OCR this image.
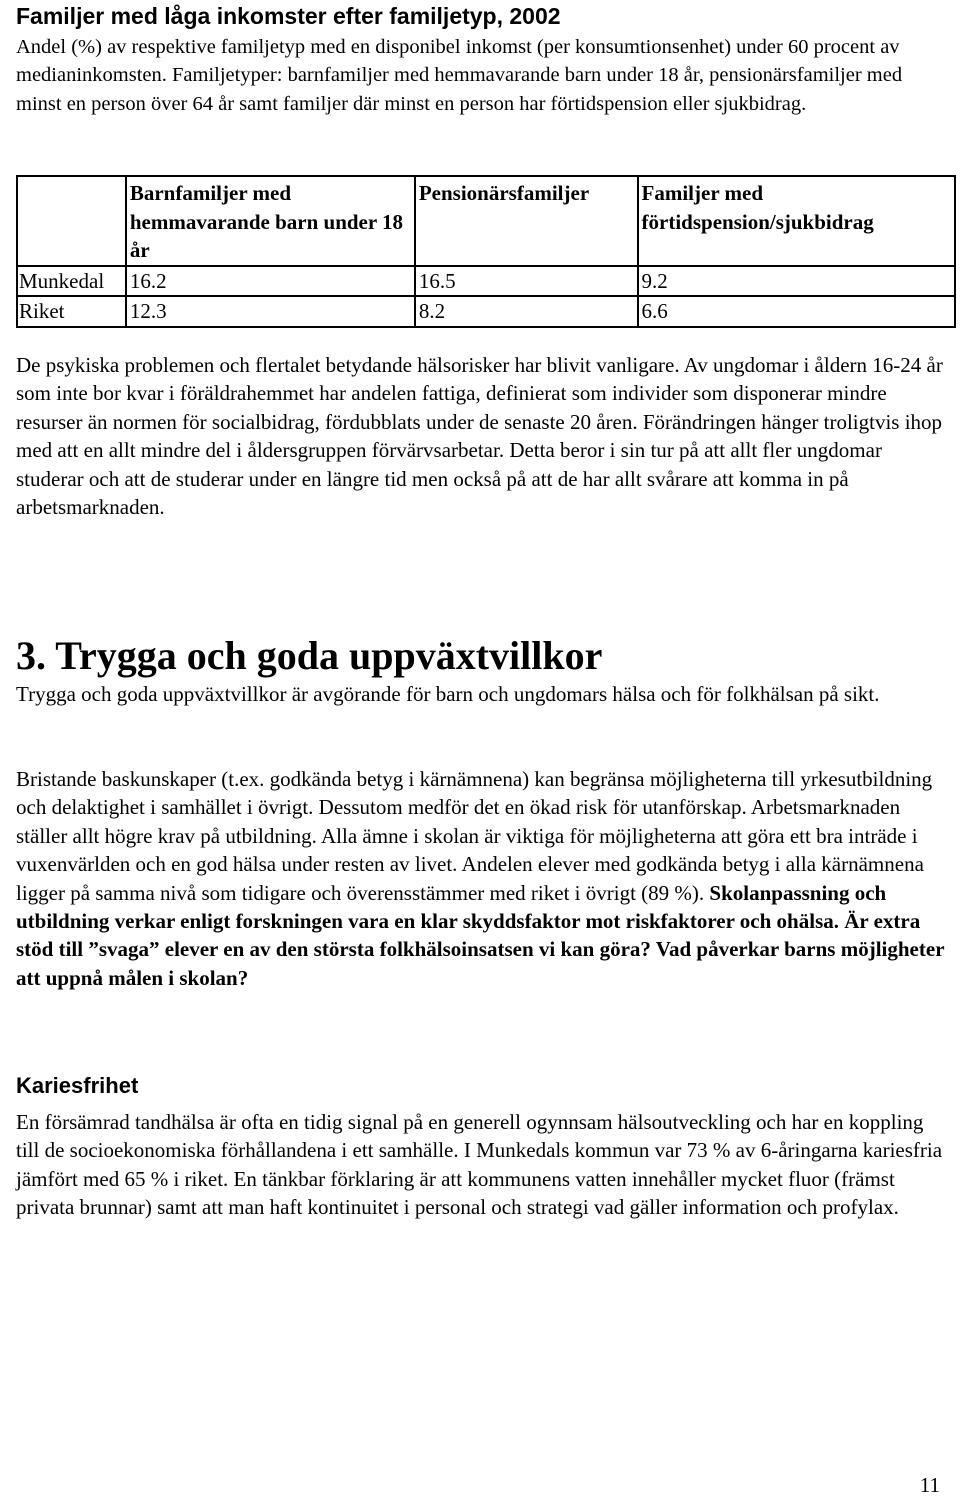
Familjer med låga inkomster efter familjetyp, 2002

Andel (%) av respektive familjetyp med en disponibel inkomst (per konsumtionsenhet) under 60 procent av medianinkomsten. Familjetyper: barnfamiljer med hemmavarande barn under 18 år, pensionärsfamiljer med minst en person över 64 år samt familjer där minst en person har förtidspension eller sjukbidrag.

	Barnfamiljer med hemmavarande barn under 18 år	Pensionärsfamiljer	Familjer med förtidspension/sjukbidrag
Munkedal	16.2	16.5	9.2
Riket	12.3	8.2	6.6

De psykiska problemen och flertalet betydande hälsorisker har blivit vanligare. Av ungdomar i åldern 16-24 år som inte bor kvar i föräldrahemmet har andelen fattiga, definierat som individer som disponerar mindre resurser än normen för socialbidrag, fördubblats under de senaste 20 åren. Förändringen hänger troligtvis ihop med att en allt mindre del i åldersgruppen förvärvsarbetar. Detta beror i sin tur på att allt fler ungdomar studerar och att de studerar under en längre tid men också på att de har allt svårare att komma in på arbetsmarknaden.

3. Trygga och goda uppväxtvillkor

Trygga och goda uppväxtvillkor är avgörande för barn och ungdomars hälsa och för folkhälsan på sikt.

Bristande baskunskaper (t.ex. godkända betyg i kärnämnena) kan begränsa möjligheterna till yrkesutbildning och delaktighet i samhället i övrigt. Dessutom medför det en ökad risk för utanförskap. Arbetsmarknaden ställer allt högre krav på utbildning. Alla ämne i skolan är viktiga för möjligheterna att göra ett bra inträde i vuxenvärlden och en god hälsa under resten av livet. Andelen elever med godkända betyg i alla kärnämnena ligger på samma nivå som tidigare och överensstämmer med riket i övrigt (89 %). Skolanpassning och utbildning verkar enligt forskningen vara en klar skyddsfaktor mot riskfaktorer och ohälsa. Är extra stöd till ”svaga” elever en av den största folkhälsoinsatsen vi kan göra? Vad påverkar barns möjligheter att uppnå målen i skolan?

Kariesfrihet

En försämrad tandhälsa är ofta en tidig signal på en generell ogynnsam hälsoutveckling och har en koppling till de socioekonomiska förhållandena i ett samhälle. I Munkedals kommun var 73 % av 6-åringarna kariesfria jämfört med 65 % i riket. En tänkbar förklaring är att kommunens vatten innehåller mycket fluor (främst privata brunnar) samt att man haft kontinuitet i personal och strategi vad gäller information och profylax.

11
